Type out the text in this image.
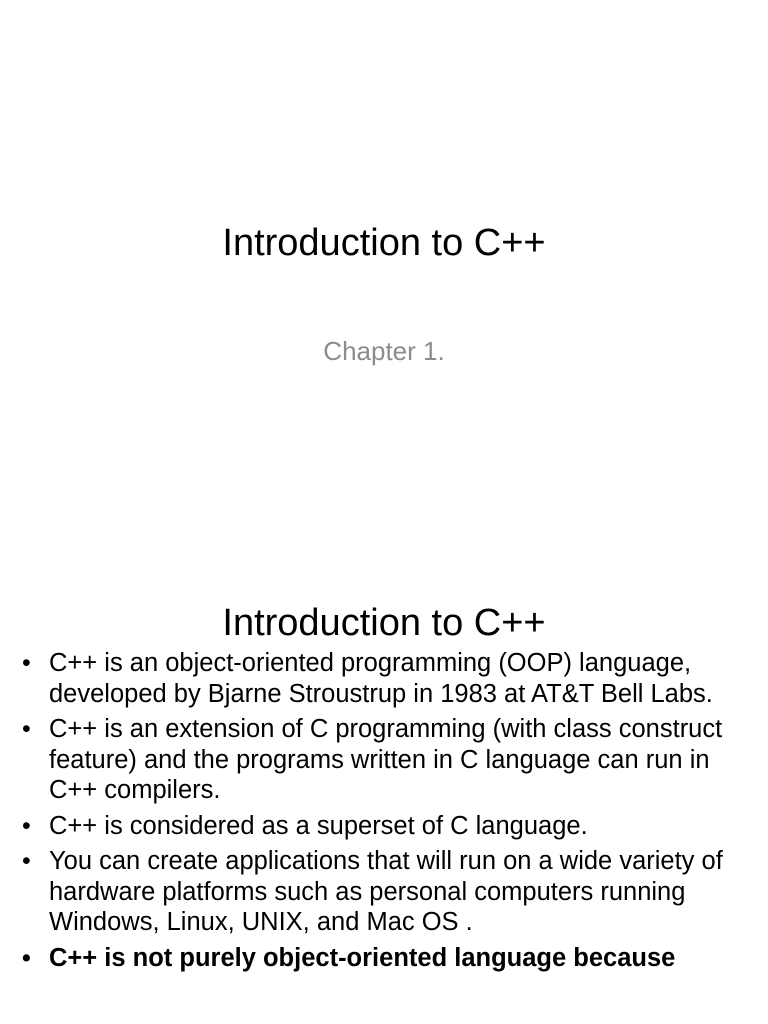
Introduction to C++

Chapter 1.

Introduction to C++
• C++ is an object-oriented programming (OOP) language, developed by Bjarne Stroustrup in 1983 at AT&T Bell Labs.
• C++ is an extension of C programming (with class construct feature) and the programs written in C language can run in C++ compilers.
• C++ is considered as a superset of C language.
• You can create applications that will run on a wide variety of hardware platforms such as personal computers running Windows, Linux, UNIX, and Mac OS .
• C++ is not purely object-oriented language because
